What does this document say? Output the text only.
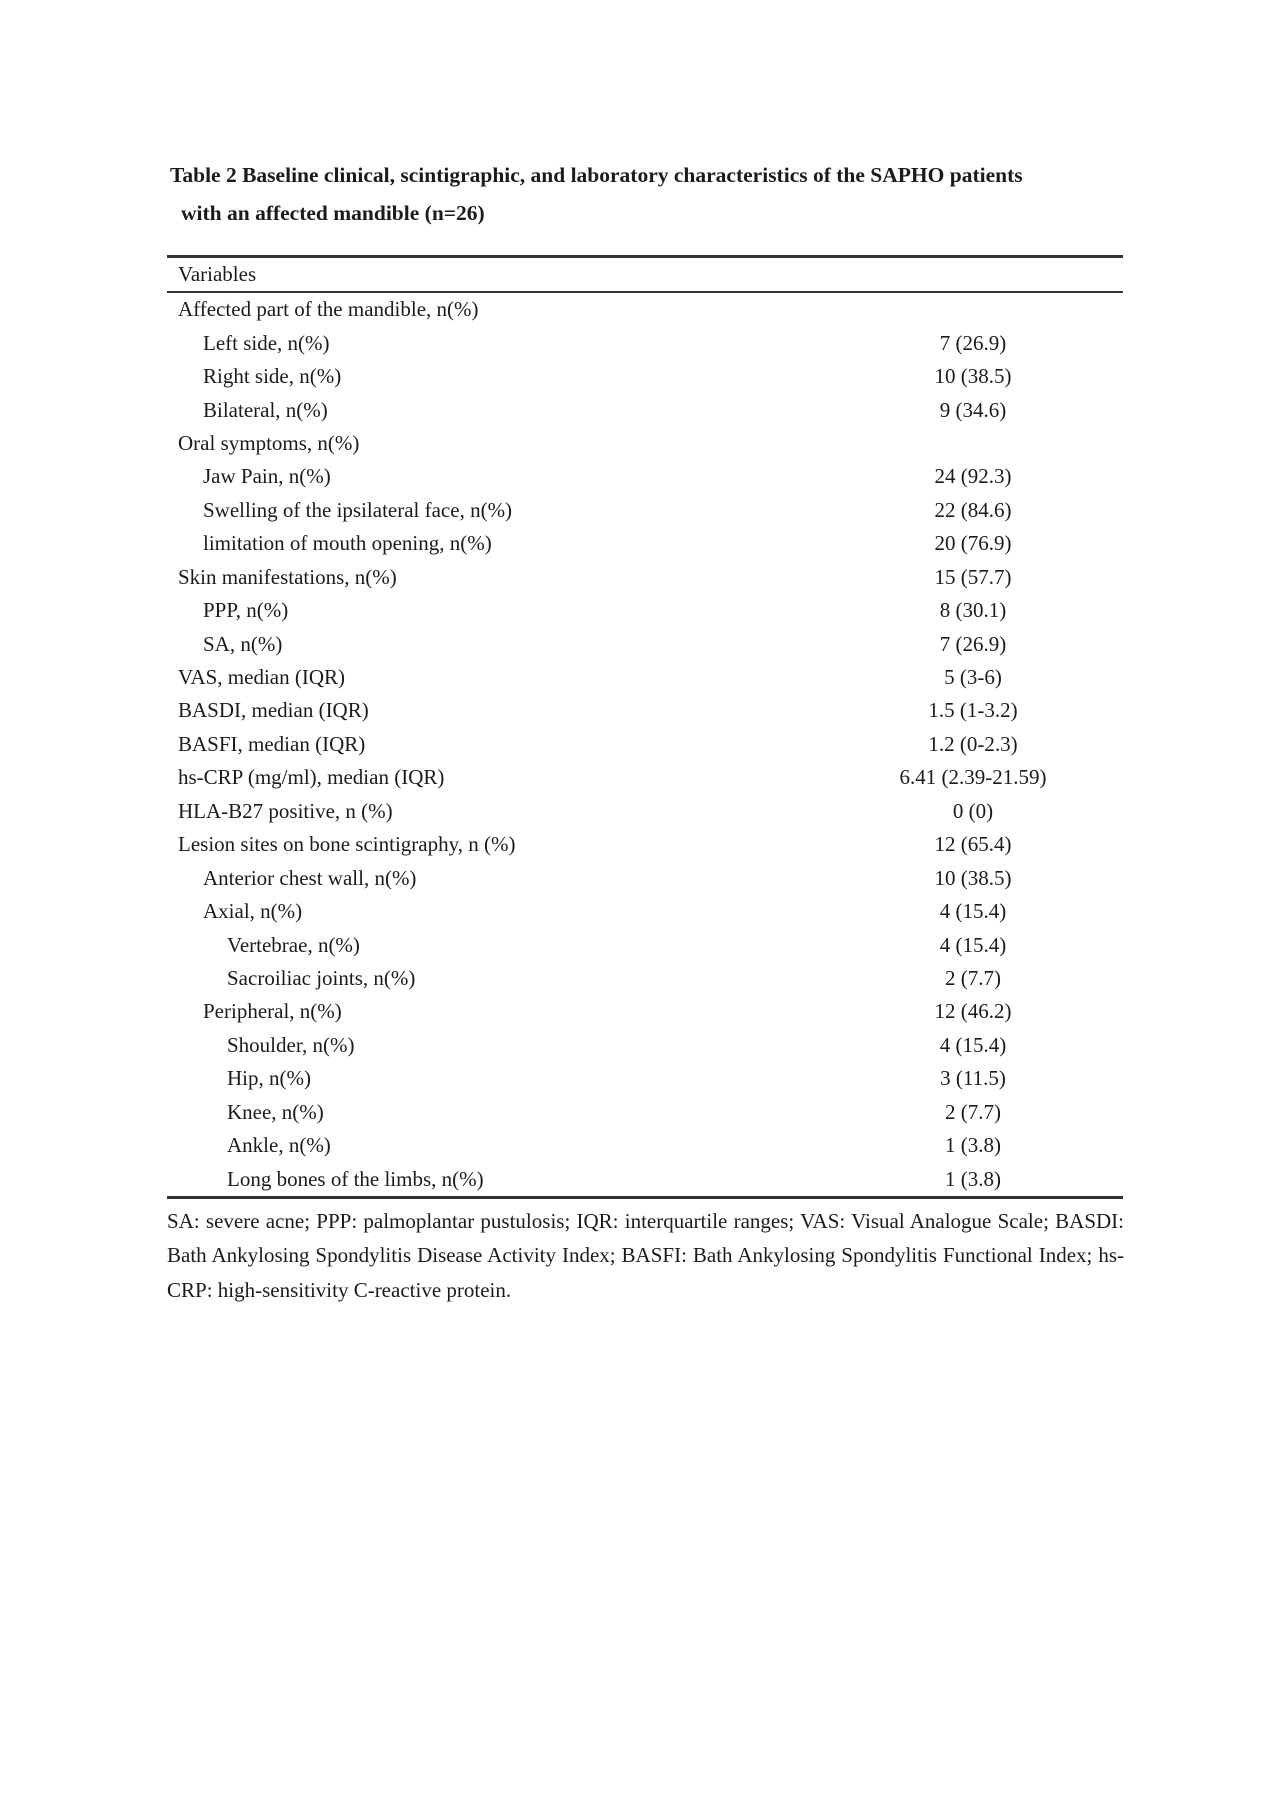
Table 2 Baseline clinical, scintigraphic, and laboratory characteristics of the SAPHO patients
with an affected mandible (n=26)
Variables
Affected part of the mandible, n(%)
Left side, n(%)	7 (26.9)
Right side, n(%)	10 (38.5)
Bilateral, n(%)	9 (34.6)
Oral symptoms, n(%)
Jaw Pain, n(%)	24 (92.3)
Swelling of the ipsilateral face, n(%)	22 (84.6)
limitation of mouth opening, n(%)	20 (76.9)
Skin manifestations, n(%)	15 (57.7)
PPP, n(%)	8 (30.1)
SA, n(%)	7 (26.9)
VAS, median (IQR)	5 (3-6)
BASDI, median (IQR)	1.5 (1-3.2)
BASFI, median (IQR)	1.2 (0-2.3)
hs-CRP (mg/ml), median (IQR)	6.41 (2.39-21.59)
HLA-B27 positive, n (%)	0 (0)
Lesion sites on bone scintigraphy, n (%)	12 (65.4)
Anterior chest wall, n(%)	10 (38.5)
Axial, n(%)	4 (15.4)
Vertebrae, n(%)	4 (15.4)
Sacroiliac joints, n(%)	2 (7.7)
Peripheral, n(%)	12 (46.2)
Shoulder, n(%)	4 (15.4)
Hip, n(%)	3 (11.5)
Knee, n(%)	2 (7.7)
Ankle, n(%)	1 (3.8)
Long bones of the limbs, n(%)	1 (3.8)
SA: severe acne; PPP: palmoplantar pustulosis; IQR: interquartile ranges; VAS: Visual Analogue Scale; BASDI: Bath Ankylosing Spondylitis Disease Activity Index; BASFI: Bath Ankylosing Spondylitis Functional Index; hs-CRP: high-sensitivity C-reactive protein.
